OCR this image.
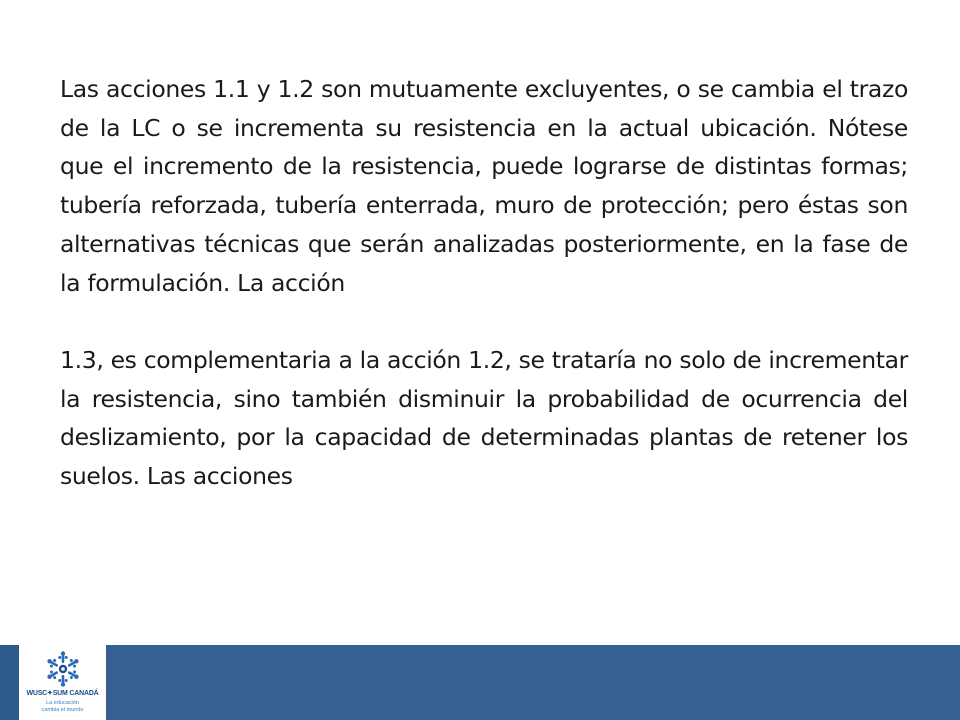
Las acciones 1.1 y 1.2 son mutuamente excluyentes, o se cambia el trazo de la LC o se incrementa su resistencia en la actual ubicación. Nótese que el incremento de la resistencia, puede lograrse de distintas formas; tubería reforzada, tubería enterrada, muro de protección; pero éstas son alternativas técnicas que serán analizadas posteriormente, en la fase de la formulación. La acción

1.3, es complementaria a la acción 1.2, se trataría no solo de incrementar la resistencia, sino también disminuir la probabilidad de ocurrencia del deslizamiento, por la capacidad de determinadas plantas de retener los suelos. Las acciones

WUSC✦SUM CANADÁ
La educación
cambia el mundo
